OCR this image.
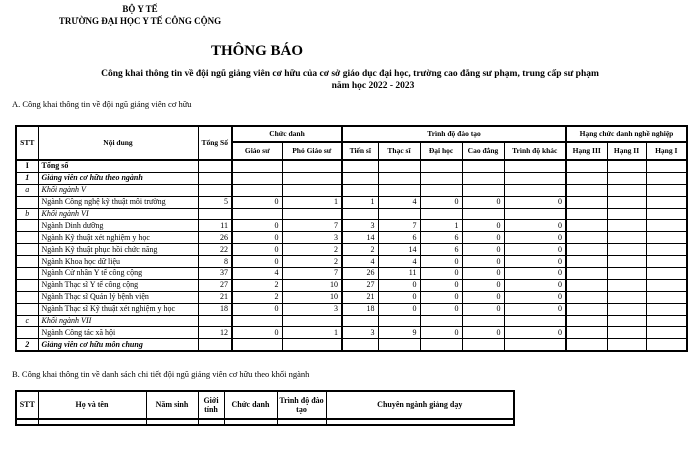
BỘ Y TẾ
TRƯỜNG ĐẠI HỌC Y TẾ CÔNG CỘNG
THÔNG BÁO
Công khai thông tin về đội ngũ giảng viên cơ hữu của cơ sở giáo dục đại học, trường cao đẳng sư phạm, trung cấp sư phạm
năm học 2022 - 2023
A. Công khai thông tin về đội ngũ giảng viên cơ hữu
STT	Nội dung	Tổng Số	Chức danh		Trình độ đào tạo					Hạng chức danh nghề nghiệp		
			Giáo sư	Phó Giáo sư	Tiến sĩ	Thạc sĩ	Đại học	Cao đẳng	Trình độ khác	Hạng III	Hạng II	Hạng I
I	Tổng số											
1	Giảng viên cơ hữu theo ngành											
a	Khối ngành V											
	Ngành Công nghệ kỹ thuật môi trường	5	0	1	1	4	0	0	0			
b	Khối ngành VI											
	Ngành Dinh dưỡng	11	0	7	3	7	1	0	0			
	Ngành Kỹ thuật xét nghiệm y học	26	0	3	14	6	6	0	0			
	Ngành Kỹ thuật phục hồi chức năng	22	0	2	2	14	6	0	0			
	Ngành Khoa học dữ liệu	8	0	2	4	4	0	0	0			
	Ngành Cử nhân Y tế công cộng	37	4	7	26	11	0	0	0			
	Ngành Thạc sĩ Y tế công cộng	27	2	10	27	0	0	0	0			
	Ngành Thạc sĩ Quản lý bệnh viện	21	2	10	21	0	0	0	0			
	Ngành Thạc sĩ Kỹ thuật xét nghiệm y học	18	0	3	18	0	0	0	0			
c	Khối ngành VII											
	Ngành Công tác xã hội	12	0	1	3	9	0	0	0			
2	Giảng viên cơ hữu môn chung											
B. Công khai thông tin về danh sách chi tiết đội ngũ giảng viên cơ hữu theo khối ngành
STT	Họ và tên	Năm sinh	Giới tính	Chức danh	Trình độ đào tạo	Chuyên ngành giảng dạy
